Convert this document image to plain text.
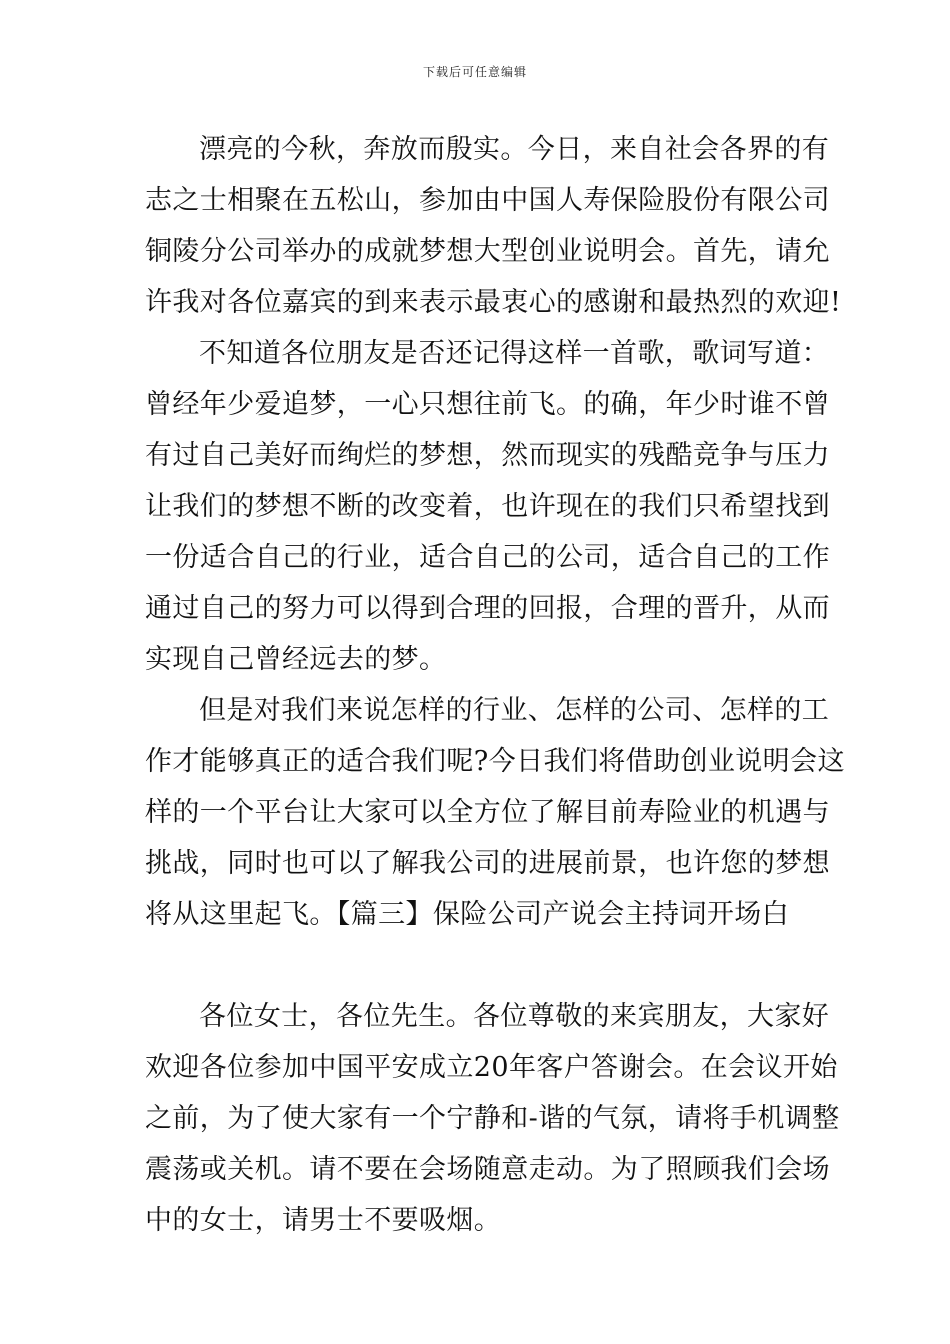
下载后可任意编辑
漂亮的今秋，奔放而殷实。今日，来自社会各界的有
志之士相聚在五松山，参加由中国人寿保险股份有限公司
铜陵分公司举办的成就梦想大型创业说明会。首先，请允
许我对各位嘉宾的到来表示最衷心的感谢和最热烈的欢迎!
不知道各位朋友是否还记得这样一首歌，歌词写道：
曾经年少爱追梦，一心只想往前飞。的确，年少时谁不曾
有过自己美好而绚烂的梦想，然而现实的残酷竞争与压力
让我们的梦想不断的改变着，也许现在的我们只希望找到
一份适合自己的行业，适合自己的公司，适合自己的工作
通过自己的努力可以得到合理的回报，合理的晋升，从而
实现自己曾经远去的梦。
但是对我们来说怎样的行业、怎样的公司、怎样的工
作才能够真正的适合我们呢?今日我们将借助创业说明会这
样的一个平台让大家可以全方位了解目前寿险业的机遇与
挑战，同时也可以了解我公司的进展前景，也许您的梦想
将从这里起飞。【篇三】保险公司产说会主持词开场白
各位女士，各位先生。各位尊敬的来宾朋友，大家好
欢迎各位参加中国平安成立20年客户答谢会。在会议开始
之前，为了使大家有一个宁静和-谐的气氛，请将手机调整
震荡或关机。请不要在会场随意走动。为了照顾我们会场
中的女士，请男士不要吸烟。
